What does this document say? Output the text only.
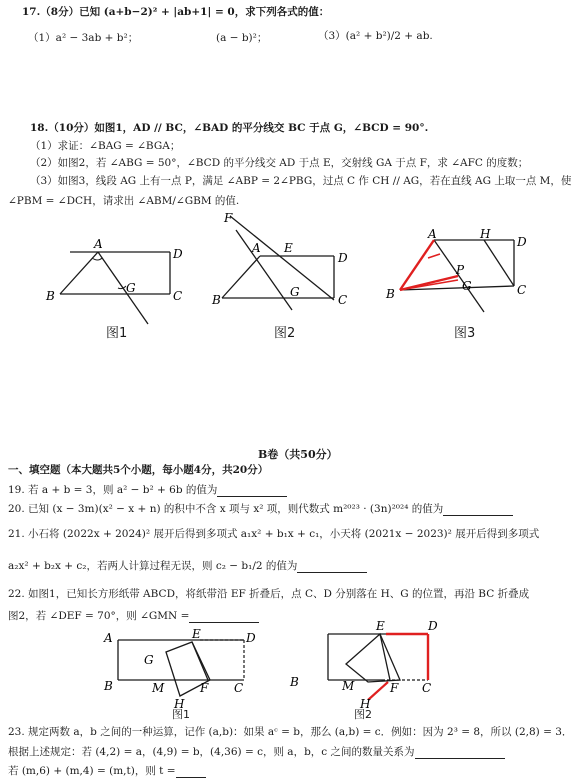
17.（8分）已知 (a+b−2)² + |ab+1| = 0，求下列各式的值：
（1）a² − 3ab + b²；	(a − b)²；	（3）(a² + b²)/2 + ab.
18.（10分）如图1，AD // BC，∠BAD 的平分线交 BC 于点 G，∠BCD = 90°.
（1）求证：∠BAG = ∠BGA；
（2）如图2，若 ∠ABG = 50°，∠BCD 的平分线交 AD 于点 E，交射线 GA 于点 F，求 ∠AFC 的度数；
（3）如图3，线段 AG 上有一点 P，满足 ∠ABP = 2∠PBG，过点 C 作 CH // AG，若在直线 AG 上取一点 M，使
∠PBM = ∠DCH，请求出 ∠ABM/∠GBM 的值.
A
D
B	C
G
图1
F
A E
D
B
G
C
图2
A	H
D
P
G
B	C
图3
B卷（共50分）
一、填空题（本大题共5个小题，每小题4分，共20分）
19. 若 a + b = 3，则 a² − b² + 6b 的值为
20. 已知 (x − 3m)(x² − x + n) 的积中不含 x 项与 x² 项，则代数式 m²⁰²³ · (3n)²⁰²⁴ 的值为
21. 小石将 (2022x + 2024)² 展开后得到多项式 a₁x² + b₁x + c₁，小天将 (2021x − 2023)² 展开后得到多项式
a₂x² + b₂x + c₂，若两人计算过程无误，则 c₂ − b₁/2 的值为
22. 如图1，已知长方形纸带 ABCD，将纸带沿 EF 折叠后，点 C、D 分别落在 H、G 的位置，再沿 BC 折叠成
图2，若 ∠DEF = 70°，则 ∠GMN =
A	E	D
G
B	M	F C
H
图1
B
E	D
M	F C
H
图2
23. 规定两数 a，b 之间的一种运算，记作 (a,b)：如果 aᶜ = b，那么 (a,b) = c．例如：因为 2³ = 8，所以 (2,8) = 3．
根据上述规定：若 (4,2) = a，(4,9) = b，(4,36) = c，则 a，b，c 之间的数量关系为
若 (m,6) + (m,4) = (m,t)，则 t =
